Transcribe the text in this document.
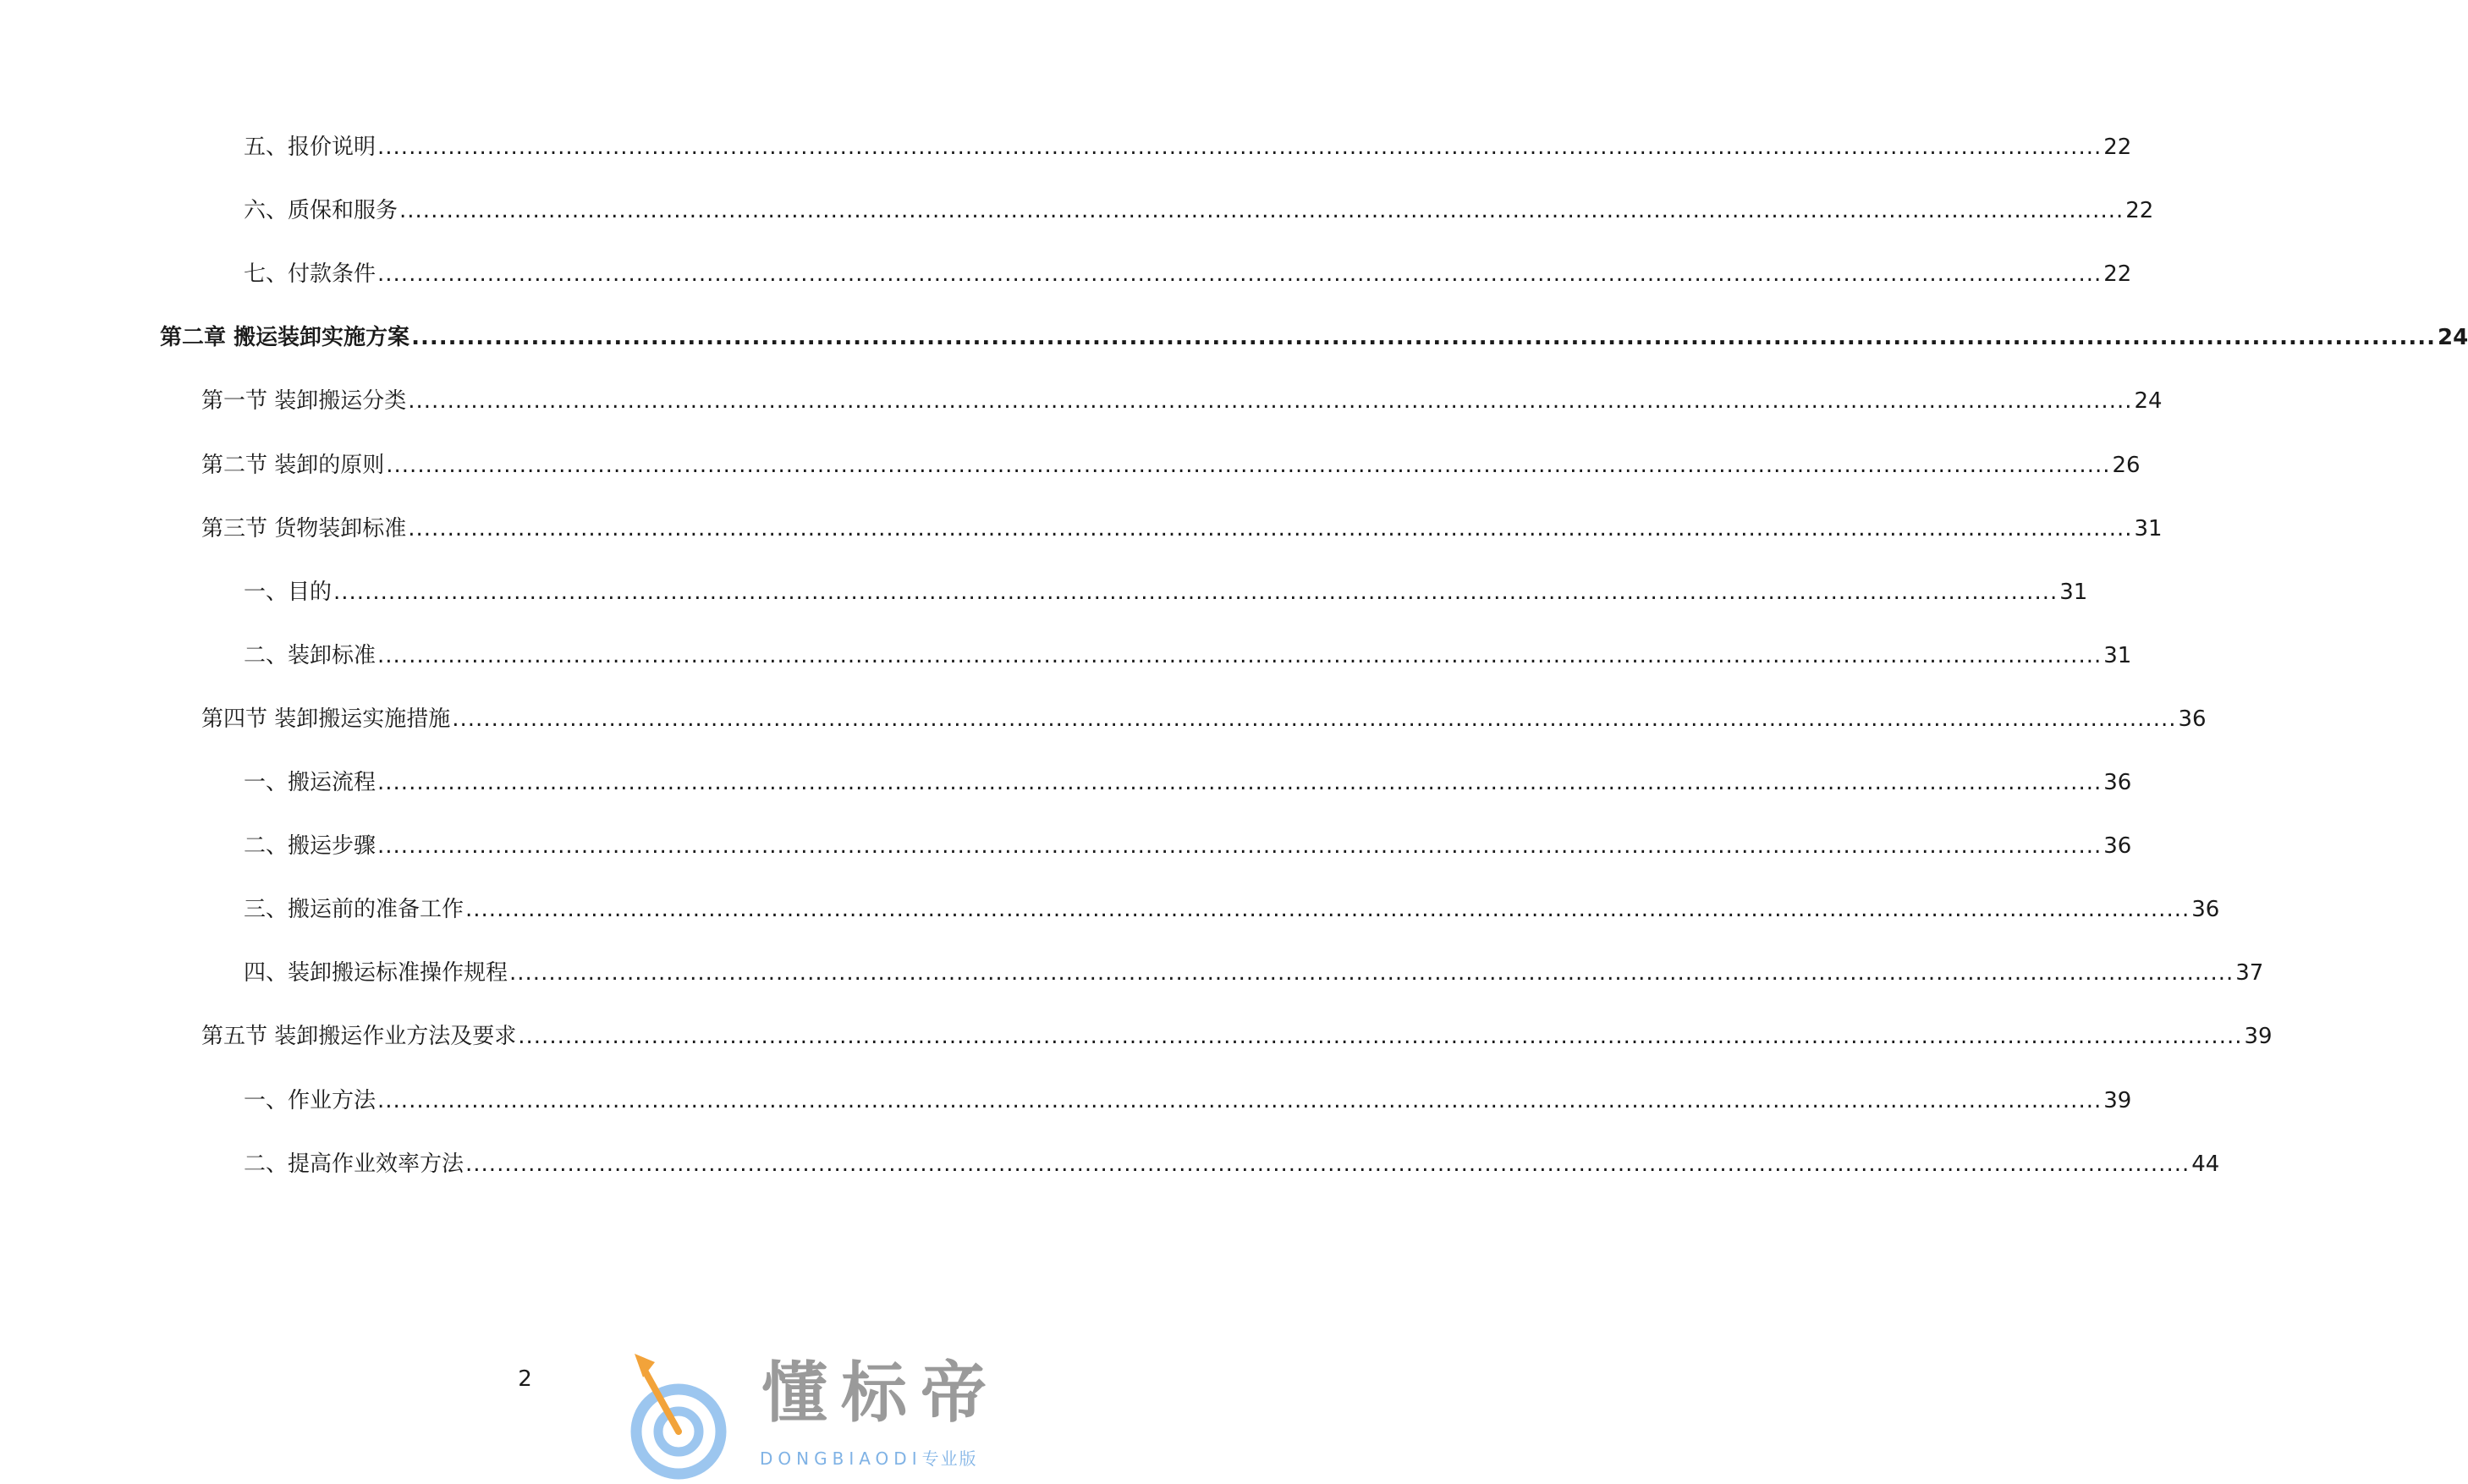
五、报价说明 ............................................................................................................................................................................................................................ 22
六、质保和服务 ............................................................................................................................................................................................................................ 22
七、付款条件 ............................................................................................................................................................................................................................ 22
第二章 搬运装卸实施方案 ............................................................................................................................................................................................................................ 24
第一节 装卸搬运分类 ............................................................................................................................................................................................................................ 24
第二节 装卸的原则 ............................................................................................................................................................................................................................ 26
第三节 货物装卸标准 ............................................................................................................................................................................................................................ 31
一、目的 ............................................................................................................................................................................................................................ 31
二、装卸标准 ............................................................................................................................................................................................................................ 31
第四节 装卸搬运实施措施 ............................................................................................................................................................................................................................ 36
一、搬运流程 ............................................................................................................................................................................................................................ 36
二、搬运步骤 ............................................................................................................................................................................................................................ 36
三、搬运前的准备工作 ............................................................................................................................................................................................................................ 36
四、装卸搬运标准操作规程 ............................................................................................................................................................................................................................ 37
第五节 装卸搬运作业方法及要求 ............................................................................................................................................................................................................................ 39
一、作业方法 ............................................................................................................................................................................................................................ 39
二、提高作业效率方法 ............................................................................................................................................................................................................................ 44
2	懂标帝
DONGBIAODI专业版
